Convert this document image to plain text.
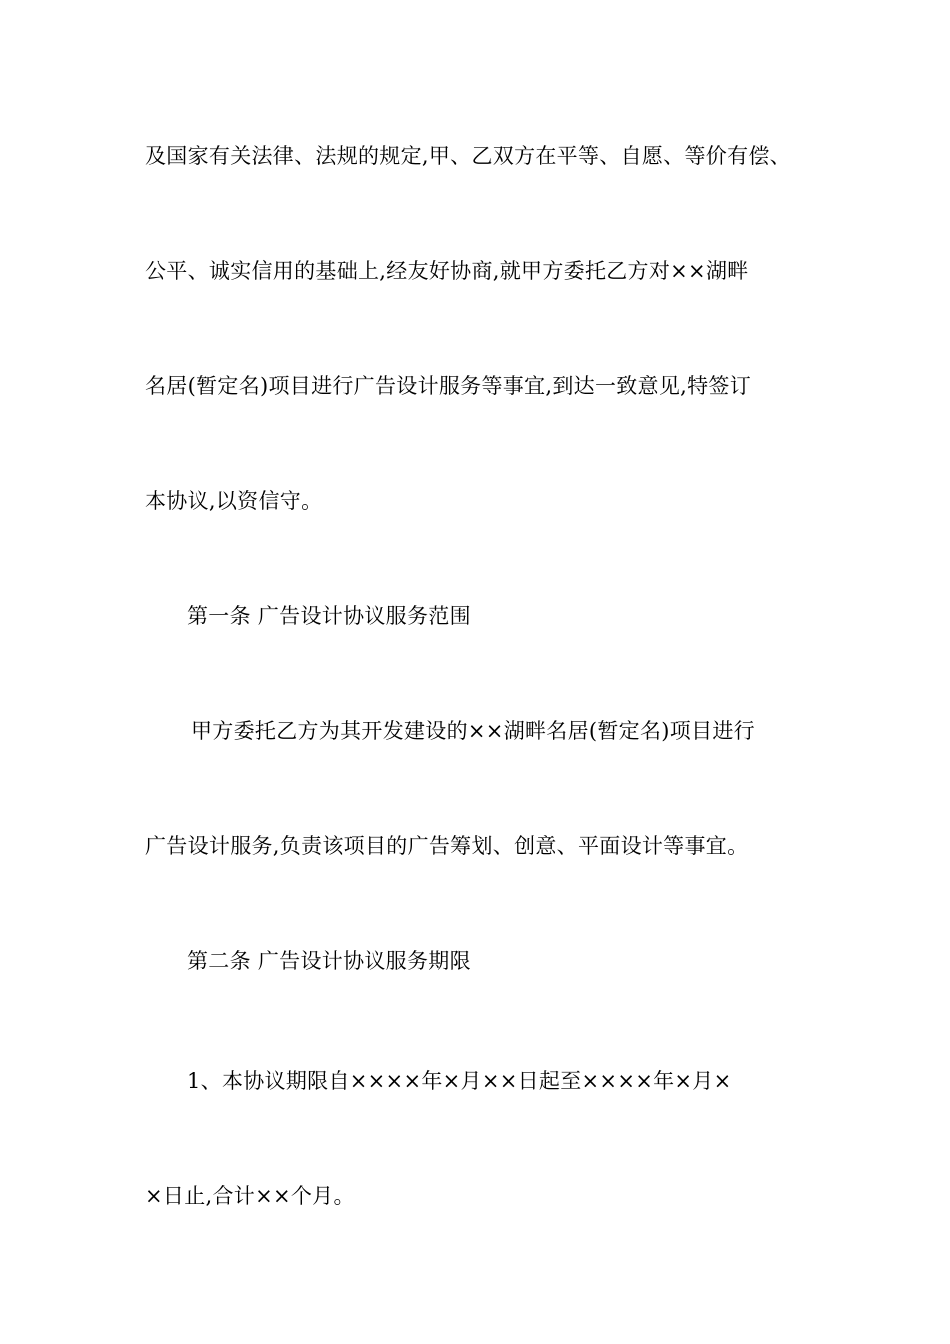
及国家有关法律、法规的规定,甲、乙双方在平等、自愿、等价有偿、
公平、诚实信用的基础上,经友好协商,就甲方委托乙方对××湖畔
名居(暂定名)项目进行广告设计服务等事宜,到达一致意见,特签订
本协议,以资信守。
第一条 广告设计协议服务范围
甲方委托乙方为其开发建设的××湖畔名居(暂定名)项目进行
广告设计服务,负责该项目的广告筹划、创意、平面设计等事宜。
第二条 广告设计协议服务期限
1、本协议期限自××××年×月××日起至××××年×月×
×日止,合计××个月。
